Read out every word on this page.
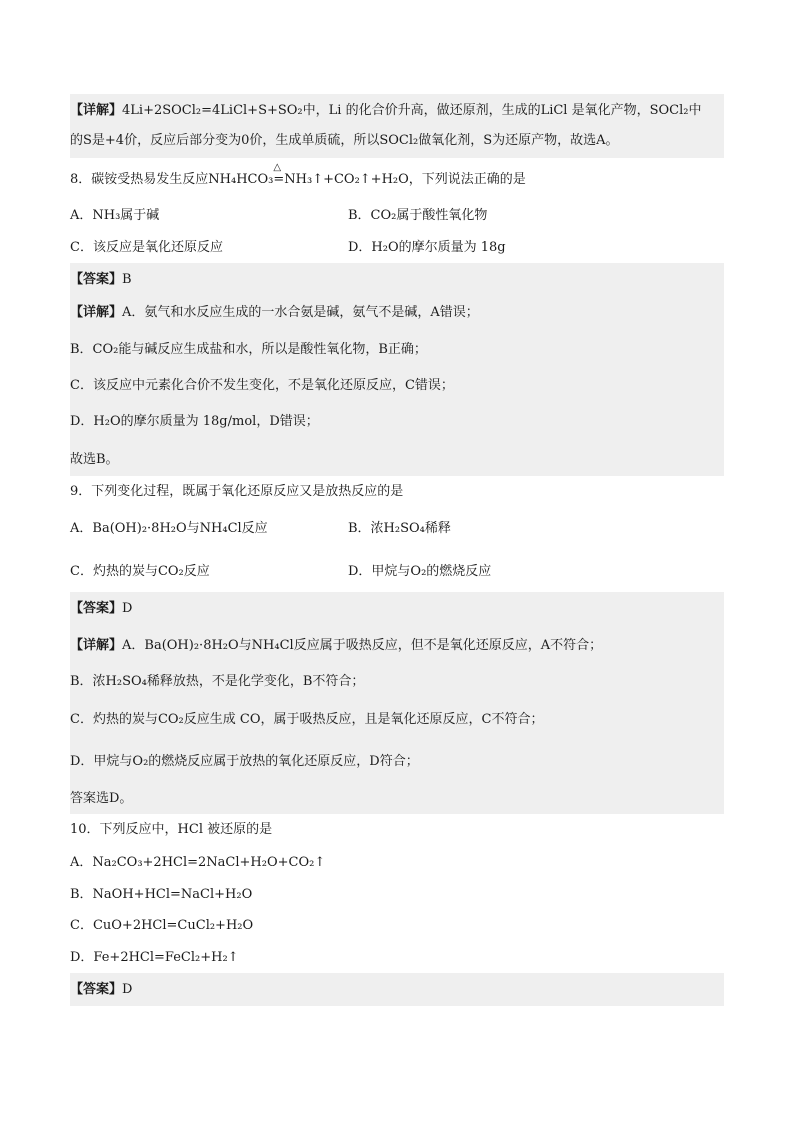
【详解】4Li+2SOCl₂=4LiCl+S+SO₂中，Li 的化合价升高，做还原剂，生成的LiCl 是氧化产物，SOCl₂中
的S是+4价，反应后部分变为0价，生成单质硫，所以SOCl₂做氧化剂，S为还原产物，故选A。
8．碳铵受热易发生反应NH₄HCO₃
△
=NH₃↑+CO₂↑+H₂O，下列说法正确的是
A．NH₃属于碱	B．CO₂属于酸性氧化物
C．该反应是氧化还原反应	D．H₂O的摩尔质量为 18g
【答案】B
【详解】A．氨气和水反应生成的一水合氨是碱，氨气不是碱，A错误；
B．CO₂能与碱反应生成盐和水，所以是酸性氧化物，B正确；
C．该反应中元素化合价不发生变化，不是氧化还原反应，C错误；
D．H₂O的摩尔质量为 18g/mol，D错误；
故选B。
9．下列变化过程，既属于氧化还原反应又是放热反应的是
A．Ba(OH)₂·8H₂O与NH₄Cl反应	B．浓H₂SO₄稀释
C．灼热的炭与CO₂反应	D．甲烷与O₂的燃烧反应
【答案】D
【详解】A．Ba(OH)₂·8H₂O与NH₄Cl反应属于吸热反应，但不是氧化还原反应，A不符合；
B．浓H₂SO₄稀释放热，不是化学变化，B不符合；
C．灼热的炭与CO₂反应生成 CO，属于吸热反应，且是氧化还原反应，C不符合；
D．甲烷与O₂的燃烧反应属于放热的氧化还原反应，D符合；
答案选D。
10．下列反应中，HCl 被还原的是
A．Na₂CO₃+2HCl=2NaCl+H₂O+CO₂↑
B．NaOH+HCl=NaCl+H₂O
C．CuO+2HCl=CuCl₂+H₂O
D．Fe+2HCl=FeCl₂+H₂↑
【答案】D
